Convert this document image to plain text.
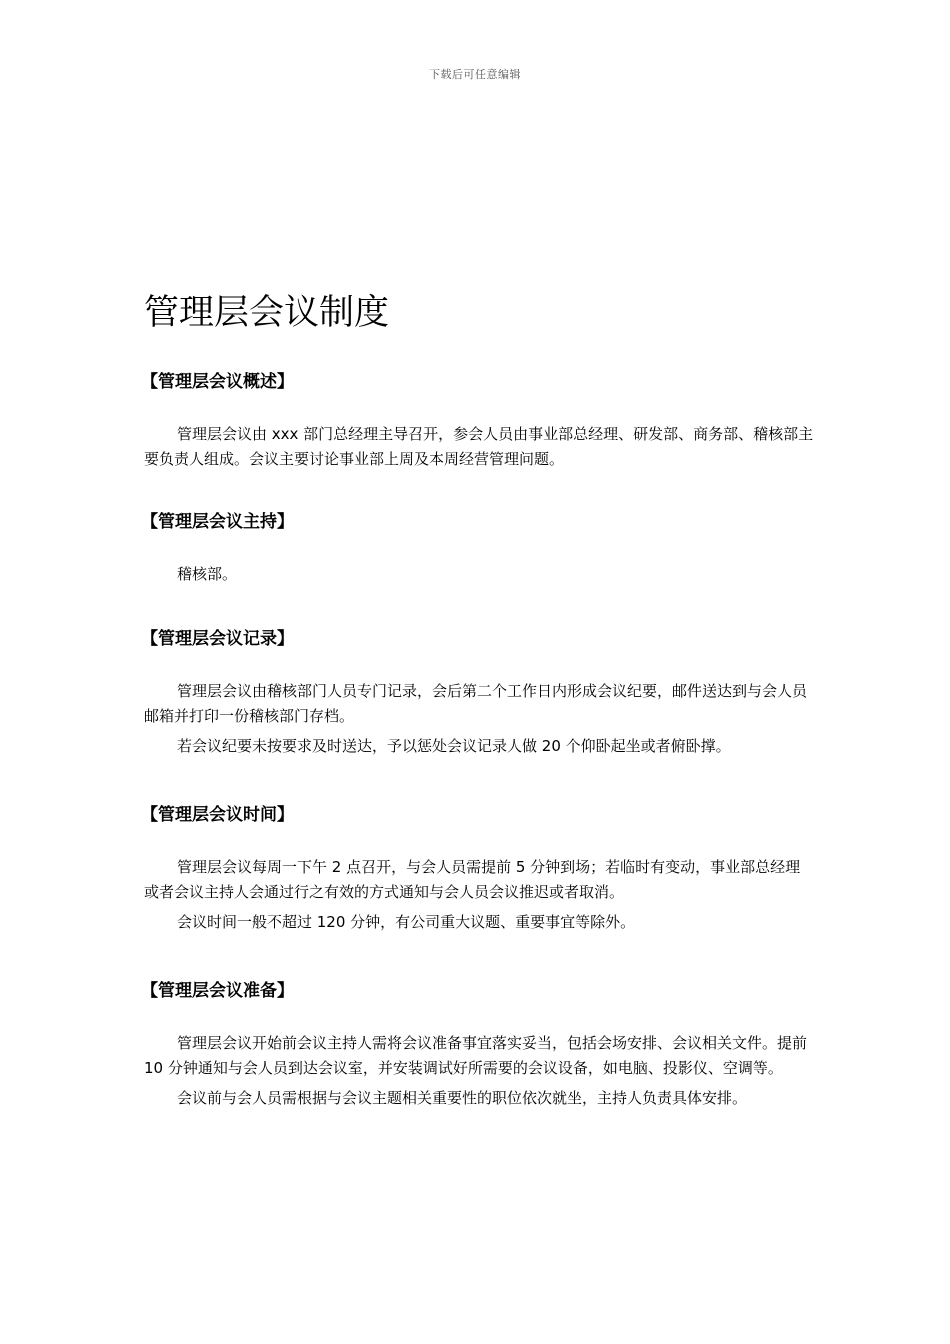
下载后可任意编辑
管理层会议制度
【管理层会议概述】

管理层会议由 xxx 部门总经理主导召开，参会人员由事业部总经理、研发部、商务部、稽核部主要负责人组成。会议主要讨论事业部上周及本周经营管理问题。

【管理层会议主持】

稽核部。

【管理层会议记录】

管理层会议由稽核部门人员专门记录，会后第二个工作日内形成会议纪要，邮件送达到与会人员邮箱并打印一份稽核部门存档。

若会议纪要未按要求及时送达，予以惩处会议记录人做 20 个仰卧起坐或者俯卧撑。

【管理层会议时间】

管理层会议每周一下午 2 点召开，与会人员需提前 5 分钟到场；若临时有变动，事业部总经理或者会议主持人会通过行之有效的方式通知与会人员会议推迟或者取消。

会议时间一般不超过 120 分钟，有公司重大议题、重要事宜等除外。

【管理层会议准备】

管理层会议开始前会议主持人需将会议准备事宜落实妥当，包括会场安排、会议相关文件。提前 10 分钟通知与会人员到达会议室，并安装调试好所需要的会议设备，如电脑、投影仪、空调等。

会议前与会人员需根据与会议主题相关重要性的职位依次就坐，主持人负责具体安排。
